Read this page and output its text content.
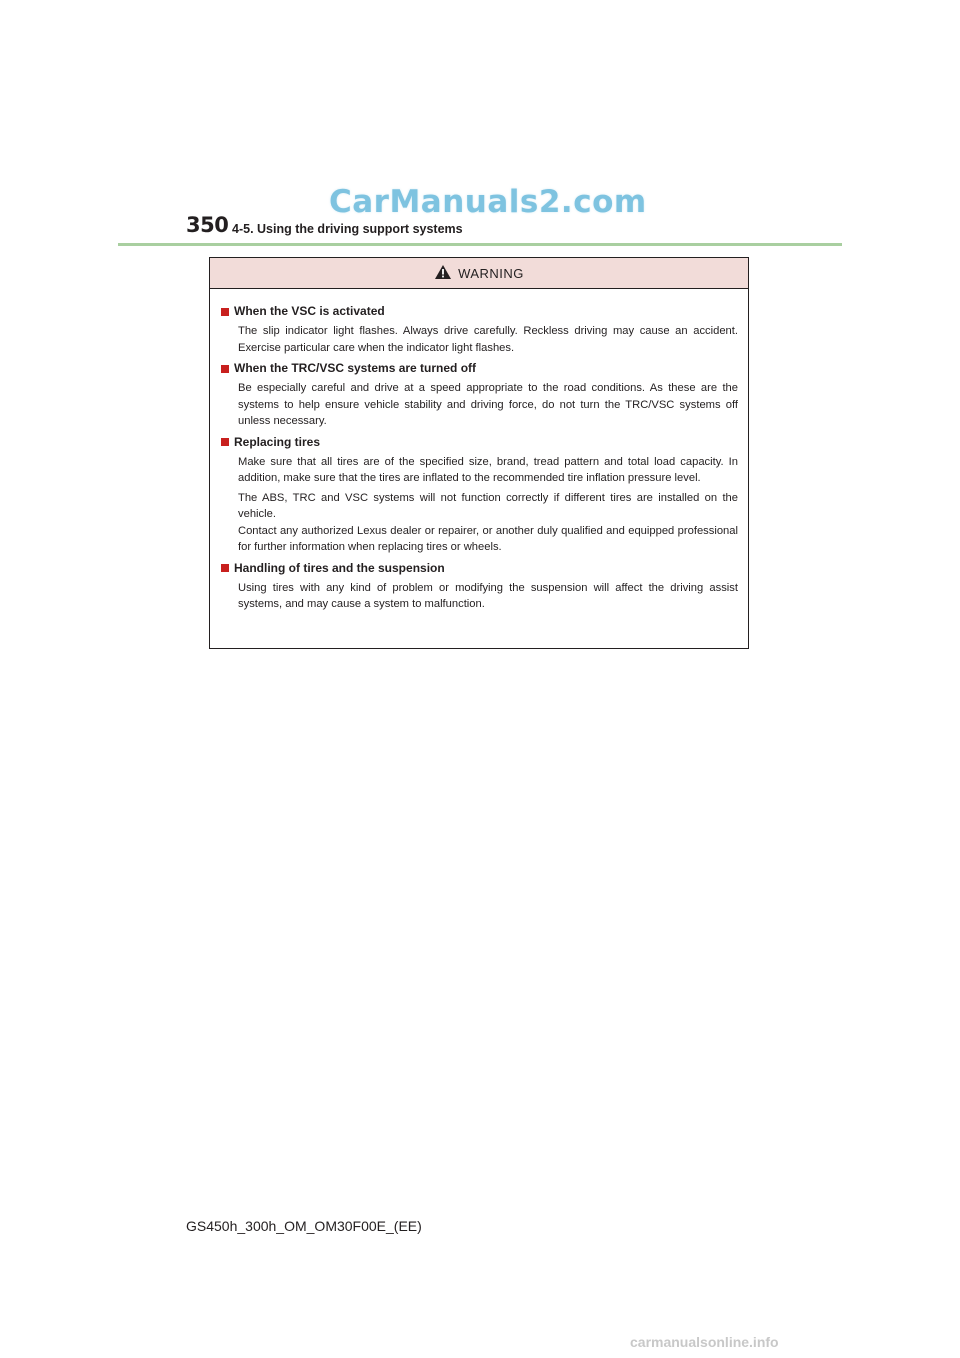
CarManuals2.com
350 4-5. Using the driving support systems
WARNING
When the VSC is activated

The slip indicator light flashes. Always drive carefully. Reckless driving may cause an accident. Exercise particular care when the indicator light flashes.

When the TRC/VSC systems are turned off

Be especially careful and drive at a speed appropriate to the road conditions. As these are the systems to help ensure vehicle stability and driving force, do not turn the TRC/VSC systems off unless necessary.

Replacing tires

Make sure that all tires are of the specified size, brand, tread pattern and total load capacity. In addition, make sure that the tires are inflated to the recommended tire inflation pressure level.

The ABS, TRC and VSC systems will not function correctly if different tires are installed on the vehicle.

Contact any authorized Lexus dealer or repairer, or another duly qualified and equipped professional for further information when replacing tires or wheels.

Handling of tires and the suspension

Using tires with any kind of problem or modifying the suspension will affect the driving assist systems, and may cause a system to malfunction.

GS450h_300h_OM_OM30F00E_(EE)
carmanualsonline.info
